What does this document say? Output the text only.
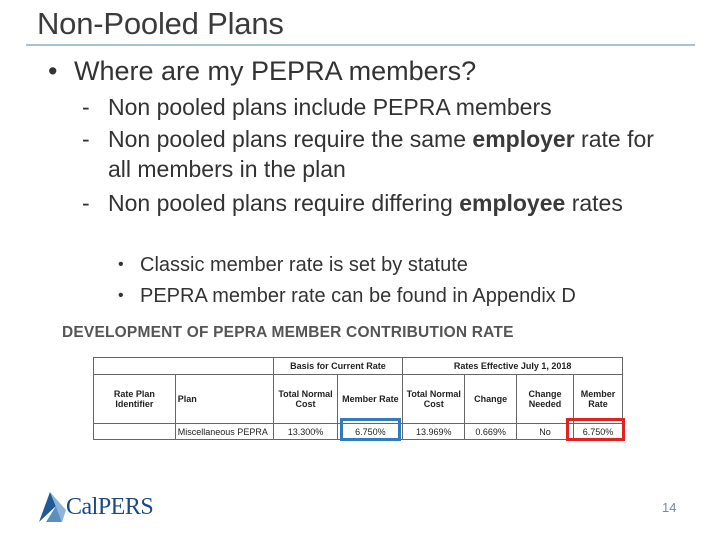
Non-Pooled Plans
• Where are my PEPRA members?
- Non pooled plans include PEPRA members
- Non pooled plans require the same employer rate for all members in the plan
- Non pooled plans require differing employee rates
• Classic member rate is set by statute
• PEPRA member rate can be found in Appendix D
DEVELOPMENT OF PEPRA MEMBER CONTRIBUTION RATE
		Basis for Current Rate		Rates Effective July 1, 2018			
Rate Plan Identifier	Plan	Total Normal Cost	Member Rate	Total Normal Cost	Change	Change Needed	Member Rate
	Miscellaneous PEPRA	13.300%	6.750%	13.969%	0.669%	No	6.750%
CalPERS	14
